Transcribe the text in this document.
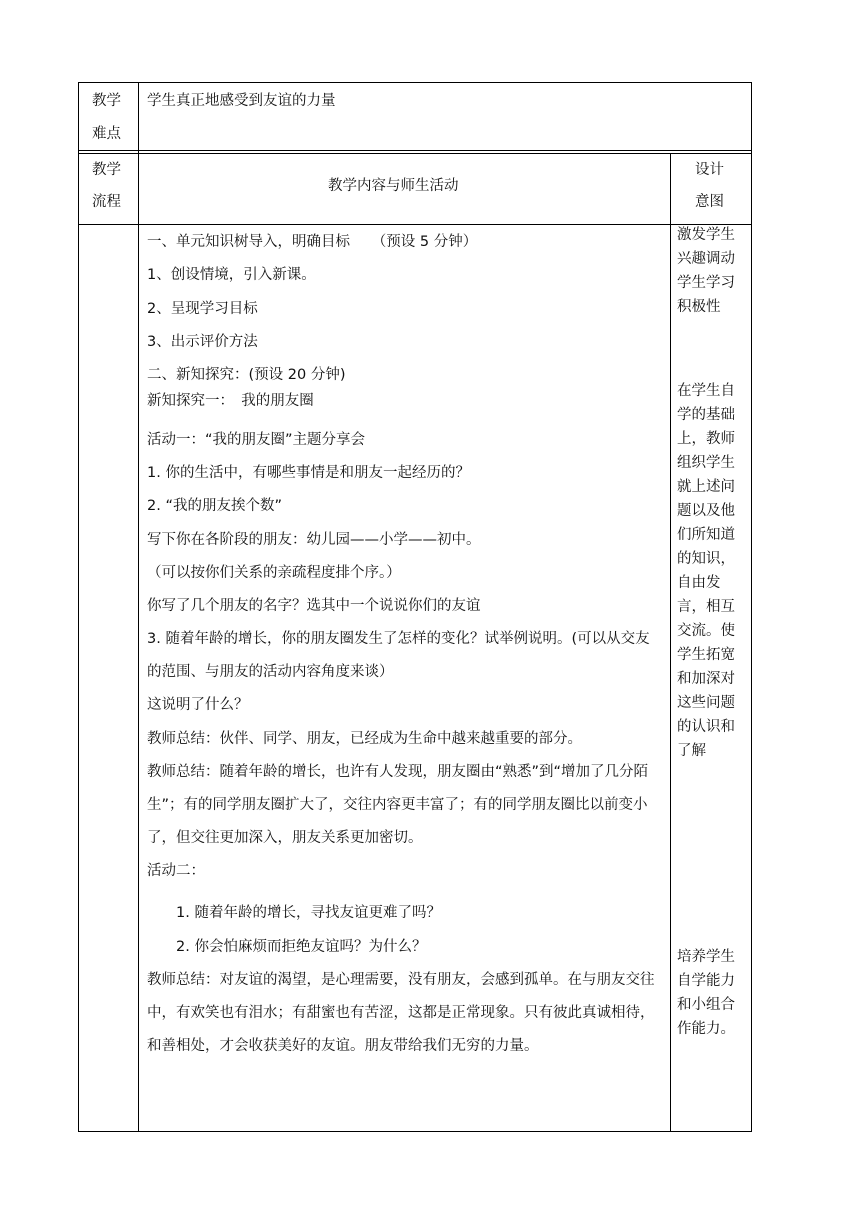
教学
难点
学生真正地感受到友谊的力量
教学
流程
教学内容与师生活动
设计
意图
一、单元知识树导入，明确目标　　（预设 5 分钟）
1、创设情境，引入新课。
2、呈现学习目标
3、出示评价方法
二、新知探究：(预设 20 分钟)
新知探究一：　我的朋友圈
活动一：“我的朋友圈”主题分享会
1. 你的生活中，有哪些事情是和朋友一起经历的？
2. “我的朋友挨个数”
写下你在各阶段的朋友：幼儿园——小学——初中。
（可以按你们关系的亲疏程度排个序。）
你写了几个朋友的名字？选其中一个说说你们的友谊
3. 随着年龄的增长，你的朋友圈发生了怎样的变化？试举例说明。(可以从交友的范围、与朋友的活动内容角度来谈）
这说明了什么？
教师总结：伙伴、同学、朋友，已经成为生命中越来越重要的部分。
教师总结：随着年龄的增长，也许有人发现，朋友圈由“熟悉”到“增加了几分陌生”；有的同学朋友圈扩大了，交往内容更丰富了；有的同学朋友圈比以前变小了，但交往更加深入，朋友关系更加密切。
活动二：
1. 随着年龄的增长，寻找友谊更难了吗？
2. 你会怕麻烦而拒绝友谊吗？为什么？
教师总结：对友谊的渴望，是心理需要，没有朋友，会感到孤单。在与朋友交往中，有欢笑也有泪水；有甜蜜也有苦涩，这都是正常现象。只有彼此真诚相待，和善相处，才会收获美好的友谊。朋友带给我们无穷的力量。
激发学生兴趣调动学生学习积极性
在学生自学的基础上，教师组织学生就上述问题以及他们所知道的知识，自由发言，相互交流。使学生拓宽和加深对这些问题的认识和了解
培养学生自学能力和小组合作能力。
